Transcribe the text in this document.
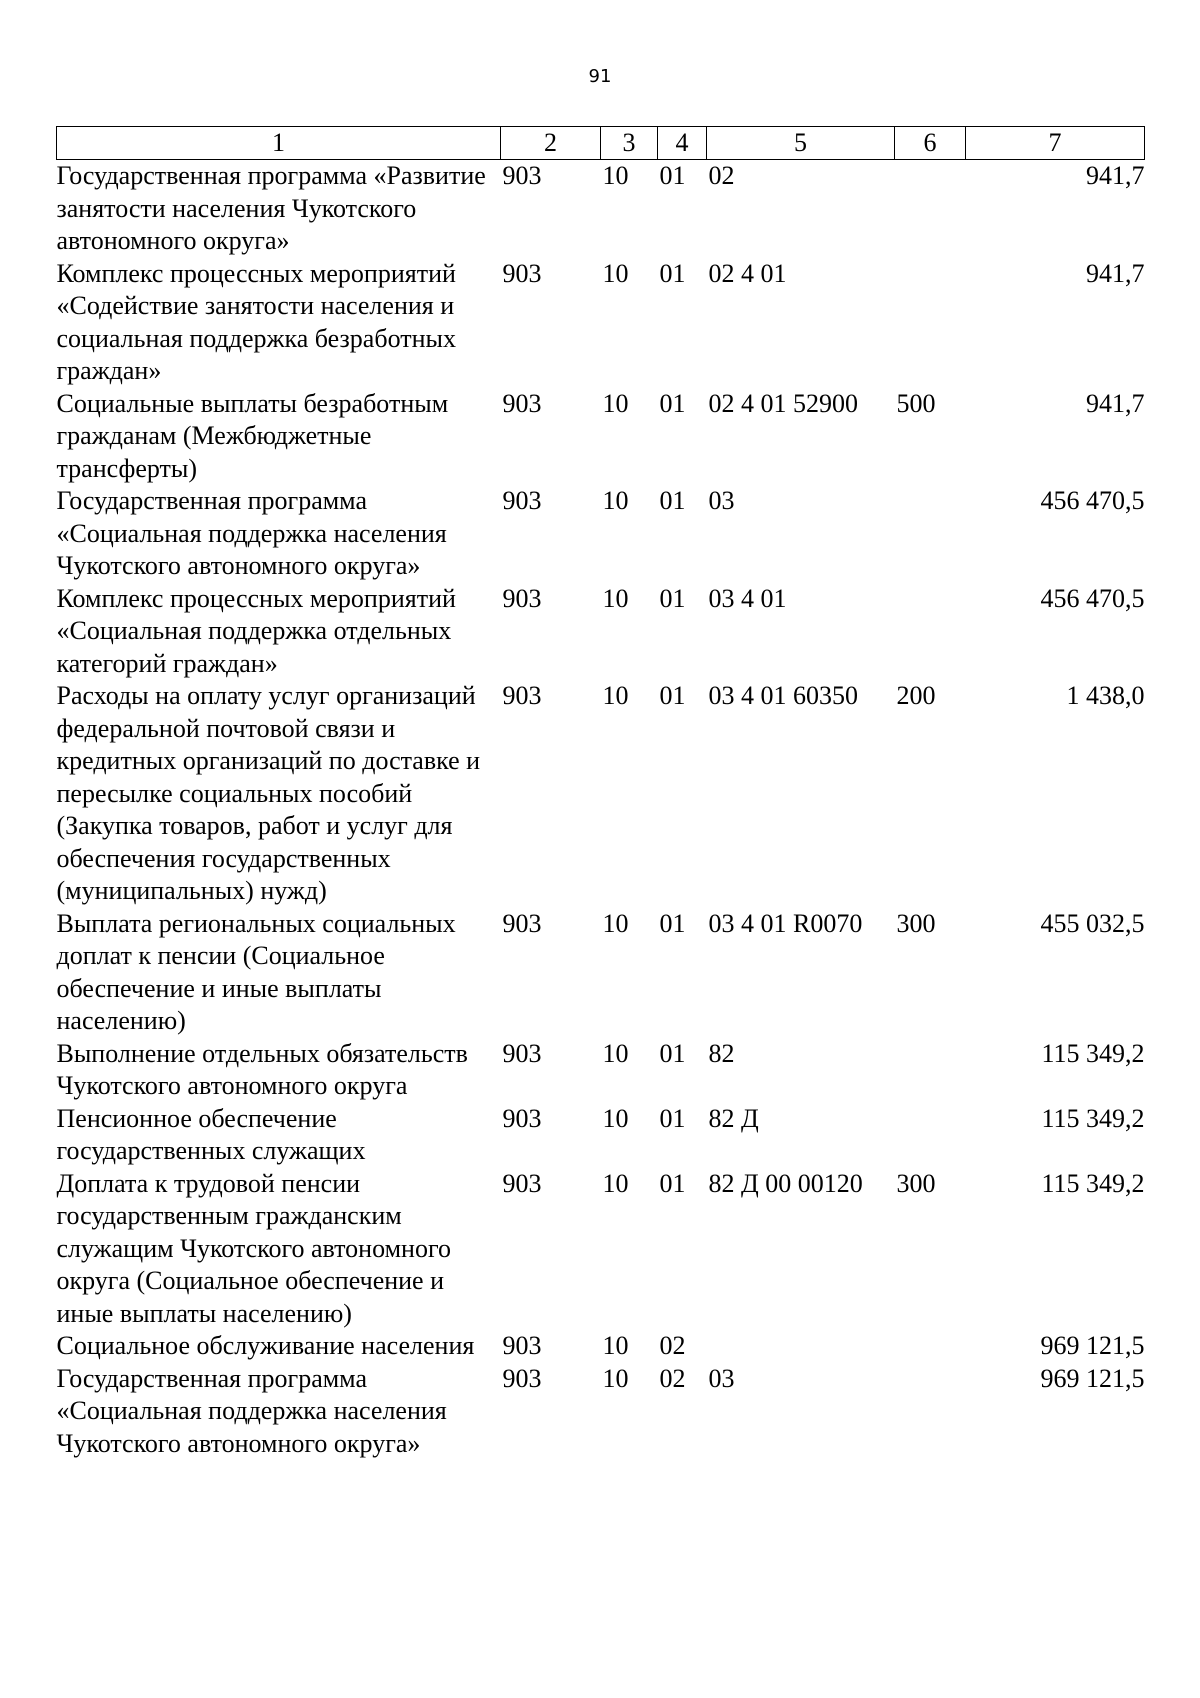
91
1	2	3	4	5	6	7
Государственная программа «Развитие занятости населения Чукотского автономного округа»	903	10	01	02		941,7
Комплекс процессных мероприятий «Содействие занятости населения и социальная поддержка безработных граждан»	903	10	01	02 4 01		941,7
Социальные выплаты безработным гражданам (Межбюджетные трансферты)	903	10	01	02 4 01 52900	500	941,7
Государственная программа «Социальная поддержка населения Чукотского автономного округа»	903	10	01	03		456 470,5
Комплекс процессных мероприятий «Социальная поддержка отдельных категорий граждан»	903	10	01	03 4 01		456 470,5
Расходы на оплату услуг организаций федеральной почтовой связи и кредитных организаций по доставке и пересылке социальных пособий (Закупка товаров, работ и услуг для обеспечения государственных (муниципальных) нужд)	903	10	01	03 4 01 60350	200	1 438,0
Выплата региональных социальных доплат к пенсии (Социальное обеспечение и иные выплаты населению)	903	10	01	03 4 01 R0070	300	455 032,5
Выполнение отдельных обязательств Чукотского автономного округа	903	10	01	82		115 349,2
Пенсионное обеспечение государственных служащих	903	10	01	82 Д		115 349,2
Доплата к трудовой пенсии государственным гражданским служащим Чукотского автономного округа (Социальное обеспечение и иные выплаты населению)	903	10	01	82 Д 00 00120	300	115 349,2
Социальное обслуживание населения	903	10	02			969 121,5
Государственная программа «Социальная поддержка населения Чукотского автономного округа»	903	10	02	03		969 121,5
